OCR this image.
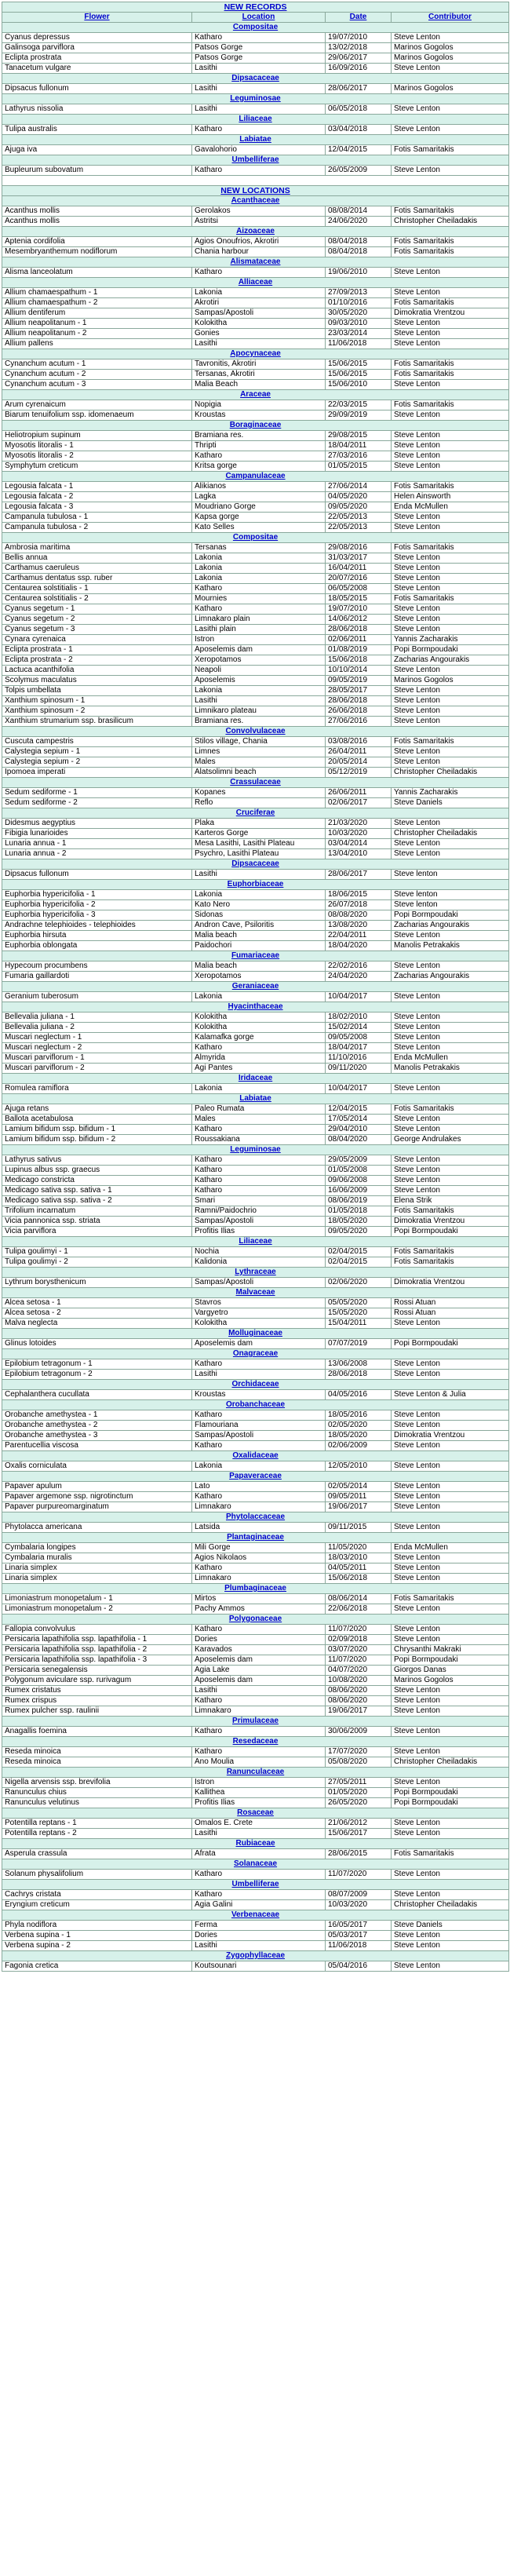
NEW RECORDS			
Flower	Location	Date	Contributor
Compositae			
Cyanus depressus	Katharo	19/07/2010	Steve Lenton
Galinsoga parviflora	Patsos Gorge	13/02/2018	Marinos Gogolos
Eclipta prostrata	Patsos Gorge	29/06/2017	Marinos Gogolos
Tanacetum vulgare	Lasithi	16/09/2016	Steve Lenton
Dipsacaceae			
Dipsacus fullonum	Lasithi	28/06/2017	Marinos Gogolos
Leguminosae			
Lathyrus nissolia	Lasithi	06/05/2018	Steve Lenton
Liliaceae			
Tulipa australis	Katharo	03/04/2018	Steve Lenton
Labiatae			
Ajuga iva	Gavalohorio	12/04/2015	Fotis Samaritakis
Umbelliferae			
Bupleurum subovatum	Katharo	26/05/2009	Steve Lenton

NEW LOCATIONS			
Acanthaceae			
Acanthus mollis	Gerolakos	08/08/2014	Fotis Samaritakis
Acanthus mollis	Astritsi	24/06/2020	Christopher Cheiladakis
Aizoaceae			
Aptenia cordifolia	Agios Onoufrios, Akrotiri	08/04/2018	Fotis Samaritakis
Mesembryanthemum nodiflorum	Chania harbour	08/04/2018	Fotis Samaritakis
Alismataceae			
Alisma lanceolatum	Katharo	19/06/2010	Steve Lenton
Alliaceae			
Allium chamaespathum - 1	Lakonia	27/09/2013	Steve Lenton
Allium chamaespathum - 2	Akrotiri	01/10/2016	Fotis Samaritakis
Allium dentiferum	Sampas/Apostoli	30/05/2020	Dimokratia Vrentzou
Allium neapolitanum - 1	Kolokitha	09/03/2010	Steve Lenton
Allium neapolitanum - 2	Gonies	23/03/2014	Steve Lenton
Allium pallens	Lasithi	11/06/2018	Steve Lenton
Apocynaceae			
Cynanchum acutum - 1	Tavronitis, Akrotiri	15/06/2015	Fotis Samaritakis
Cynanchum acutum - 2	Tersanas, Akrotiri	15/06/2015	Fotis Samaritakis
Cynanchum acutum - 3	Malia Beach	15/06/2010	Steve Lenton
Araceae			
Arum cyrenaicum	Nopigia	22/03/2015	Fotis Samaritakis
Biarum tenuifolium ssp. idomenaeum	Kroustas	29/09/2019	Steve Lenton
Boraginaceae			
Heliotropium supinum	Bramiana res.	29/08/2015	Steve Lenton
Myosotis litoralis - 1	Thripti	18/04/2011	Steve Lenton
Myosotis litoralis - 2	Katharo	27/03/2016	Steve Lenton
Symphytum creticum	Kritsa gorge	01/05/2015	Steve Lenton
Campanulaceae			
Legousia falcata - 1	Alikianos	27/06/2014	Fotis Samaritakis
Legousia falcata - 2	Lagka	04/05/2020	Helen Ainsworth
Legousia falcata - 3	Moudriano Gorge	09/05/2020	Enda McMullen
Campanula tubulosa - 1	Kapsa gorge	22/05/2013	Steve Lenton
Campanula tubulosa - 2	Kato Selles	22/05/2013	Steve Lenton
Compositae			
Ambrosia maritima	Tersanas	29/08/2016	Fotis Samaritakis
Bellis annua	Lakonia	31/03/2017	Steve Lenton
Carthamus caeruleus	Lakonia	16/04/2011	Steve Lenton
Carthamus dentatus ssp. ruber	Lakonia	20/07/2016	Steve Lenton
Centaurea solstitialis - 1	Katharo	06/05/2008	Steve Lenton
Centaurea solstitialis - 2	Mournies	18/05/2015	Fotis Samaritakis
Cyanus segetum - 1	Katharo	19/07/2010	Steve Lenton
Cyanus segetum - 2	Limnakaro plain	14/06/2012	Steve Lenton
Cyanus segetum - 3	Lasithi plain	28/06/2018	Steve Lenton
Cynara cyrenaica	Istron	02/06/2011	Yannis Zacharakis
Eclipta prostrata - 1	Aposelemis dam	01/08/2019	Popi Bormpoudaki
Eclipta prostrata - 2	Xeropotamos	15/06/2018	Zacharias Angourakis
Lactuca acanthifolia	Neapoli	10/10/2014	Steve Lenton
Scolymus maculatus	Aposelemis	09/05/2019	Marinos Gogolos
Tolpis umbellata	Lakonia	28/05/2017	Steve Lenton
Xanthium spinosum - 1	Lasithi	28/06/2018	Steve Lenton
Xanthium spinosum - 2	Limnikaro plateau	26/06/2018	Steve Lenton
Xanthium strumarium ssp. brasilicum	Bramiana res.	27/06/2016	Steve Lenton
Convolvulaceae			
Cuscuta campestris	Stilos village, Chania	03/08/2016	Fotis Samaritakis
Calystegia sepium - 1	Limnes	26/04/2011	Steve Lenton
Calystegia sepium - 2	Males	20/05/2014	Steve Lenton
Ipomoea imperati	Alatsolimni beach	05/12/2019	Christopher Cheiladakis
Crassulaceae			
Sedum sediforme - 1	Kopanes	26/06/2011	Yannis Zacharakis
Sedum sediforme - 2	Reflo	02/06/2017	Steve Daniels
Cruciferae			
Didesmus aegyptius	Plaka	21/03/2020	Steve Lenton
Fibigia lunarioides	Karteros Gorge	10/03/2020	Christopher Cheiladakis
Lunaria annua - 1	Mesa Lasithi, Lasithi Plateau	03/04/2014	Steve Lenton
Lunaria annua - 2	Psychro, Lasithi Plateau	13/04/2010	Steve Lenton
Dipsacaceae			
Dipsacus fullonum	Lasithi	28/06/2017	Steve lenton
Euphorbiaceae			
Euphorbia hypericifolia - 1	Lakonia	18/06/2015	Steve lenton
Euphorbia hypericifolia - 2	Kato Nero	26/07/2018	Steve lenton
Euphorbia hypericifolia - 3	Sidonas	08/08/2020	Popi Bormpoudaki
Andrachne telephioides - telephioides	Andron Cave, Psiloritis	13/08/2020	Zacharias Angourakis
Euphorbia hirsuta	Malia beach	22/04/2011	Steve Lenton
Euphorbia oblongata	Paidochori	18/04/2020	Manolis Petrakakis
Fumariaceae			
Hypecoum procumbens	Malia beach	22/02/2016	Steve Lenton
Fumaria gaillardoti	Xeropotamos	24/04/2020	Zacharias Angourakis
Geraniaceae			
Geranium tuberosum	Lakonia	10/04/2017	Steve Lenton
Hyacinthaceae			
Bellevalia juliana - 1	Kolokitha	18/02/2010	Steve Lenton
Bellevalia juliana - 2	Kolokitha	15/02/2014	Steve Lenton
Muscari neglectum - 1	Kalamafka gorge	09/05/2008	Steve Lenton
Muscari neglectum - 2	Katharo	18/04/2017	Steve Lenton
Muscari parviflorum - 1	Almyrida	11/10/2016	Enda McMullen
Muscari parviflorum - 2	Agi Pantes	09/11/2020	Manolis Petrakakis
Iridaceae			
Romulea ramiflora	Lakonia	10/04/2017	Steve Lenton
Labiatae			
Ajuga retans	Paleo Rumata	12/04/2015	Fotis Samaritakis
Ballota acetabulosa	Males	17/05/2014	Steve Lenton
Lamium bifidum ssp. bifidum - 1	Katharo	29/04/2010	Steve Lenton
Lamium bifidum ssp. bifidum - 2	Roussakiana	08/04/2020	George Andrulakes
Leguminosae			
Lathyrus sativus	Katharo	29/05/2009	Steve Lenton
Lupinus albus ssp. graecus	Katharo	01/05/2008	Steve Lenton
Medicago constricta	Katharo	09/06/2008	Steve Lenton
Medicago sativa ssp. sativa - 1	Katharo	16/06/2009	Steve Lenton
Medicago sativa ssp. sativa - 2	Smari	08/06/2019	Elena Strik
Trifolium incarnatum	Ramni/Paidochrio	01/05/2018	Fotis Samaritakis
Vicia pannonica ssp. striata	Sampas/Apostoli	18/05/2020	Dimokratia Vrentzou
Vicia parviflora	Profitis Ilias	09/05/2020	Popi Bormpoudaki
Liliaceae			
Tulipa goulimyi - 1	Nochia	02/04/2015	Fotis Samaritakis
Tulipa goulimyi - 2	Kalidonia	02/04/2015	Fotis Samaritakis
Lythraceae			
Lythrum borysthenicum	Sampas/Apostoli	02/06/2020	Dimokratia Vrentzou
Malvaceae			
Alcea setosa - 1	Stavros	05/05/2020	Rossi Atuan
Alcea setosa - 2	Vargyetro	15/05/2020	Rossi Atuan
Malva neglecta	Kolokitha	15/04/2011	Steve Lenton
Molluginaceae			
Glinus lotoides	Aposelemis dam	07/07/2019	Popi Bormpoudaki
Onagraceae			
Epilobium tetragonum - 1	Katharo	13/06/2008	Steve Lenton
Epilobium tetragonum - 2	Lasithi	28/06/2018	Steve Lenton
Orchidaceae			
Cephalanthera cucullata	Kroustas	04/05/2016	Steve Lenton & Julia
Orobanchaceae			
Orobanche amethystea - 1	Katharo	18/05/2016	Steve Lenton
Orobanche amethystea - 2	Flamouriana	02/05/2020	Steve Lenton
Orobanche amethystea - 3	Sampas/Apostoli	18/05/2020	Dimokratia Vrentzou
Parentucellia viscosa	Katharo	02/06/2009	Steve Lenton
Oxalidaceae			
Oxalis corniculata	Lakonia	12/05/2010	Steve Lenton
Papaveraceae			
Papaver apulum	Lato	02/05/2014	Steve Lenton
Papaver argemone ssp. nigrotinctum	Katharo	09/05/2011	Steve Lenton
Papaver purpureomarginatum	Limnakaro	19/06/2017	Steve Lenton
Phytolaccaceae			
Phytolacca americana	Latsida	09/11/2015	Steve Lenton
Plantaginaceae			
Cymbalaria longipes	Mili Gorge	11/05/2020	Enda McMullen
Cymbalaria muralis	Agios Nikolaos	18/03/2010	Steve Lenton
Linaria simplex	Katharo	04/05/2011	Steve Lenton
Linaria simplex	Limnakaro	15/06/2018	Steve Lenton
Plumbaginaceae			
Limoniastrum monopetalum - 1	Mirtos	08/06/2014	Fotis Samaritakis
Limoniastrum monopetalum - 2	Pachy Ammos	22/06/2018	Steve Lenton
Polygonaceae			
Fallopia convolvulus	Katharo	11/07/2020	Steve Lenton
Persicaria lapathifolia ssp. lapathifolia - 1	Dories	02/09/2018	Steve Lenton
Persicaria lapathifolia ssp. lapathifolia - 2	Karavados	03/07/2020	Chrysanthi Makraki
Persicaria lapathifolia ssp. lapathifolia - 3	Aposelemis dam	11/07/2020	Popi Bormpoudaki
Persicaria senegalensis	Agia Lake	04/07/2020	Giorgos Danas
Polygonum aviculare ssp. rurivagum	Aposelemis dam	10/08/2020	Marinos Gogolos
Rumex cristatus	Lasithi	08/06/2020	Steve Lenton
Rumex crispus	Katharo	08/06/2020	Steve Lenton
Rumex pulcher ssp. raulinii	Limnakaro	19/06/2017	Steve Lenton
Primulaceae			
Anagallis foemina	Katharo	30/06/2009	Steve Lenton
Resedaceae			
Reseda minoica	Katharo	17/07/2020	Steve Lenton
Reseda minoica	Ano Moulia	05/08/2020	Christopher Cheiladakis
Ranunculaceae			
Nigella arvensis ssp. brevifolia	Istron	27/05/2011	Steve Lenton
Ranunculus chius	Kallithea	01/05/2020	Popi Bormpoudaki
Ranunculus velutinus	Profitis Ilias	26/05/2020	Popi Bormpoudaki
Rosaceae			
Potentilla reptans - 1	Omalos E. Crete	21/06/2012	Steve Lenton
Potentilla reptans - 2	Lasithi	15/06/2017	Steve Lenton
Rubiaceae			
Asperula crassula	Afrata	28/06/2015	Fotis Samaritakis
Solanaceae			
Solanum physalifolium	Katharo	11/07/2020	Steve Lenton
Umbelliferae			
Cachrys cristata	Katharo	08/07/2009	Steve Lenton
Eryngium creticum	Agia Galini	10/03/2020	Christopher Cheiladakis
Verbenaceae			
Phyla nodiflora	Ferma	16/05/2017	Steve Daniels
Verbena supina - 1	Dories	05/03/2017	Steve Lenton
Verbena supina - 2	Lasithi	11/06/2018	Steve Lenton
Zygophyllaceae			
Fagonia cretica	Koutsounari	05/04/2016	Steve Lenton
